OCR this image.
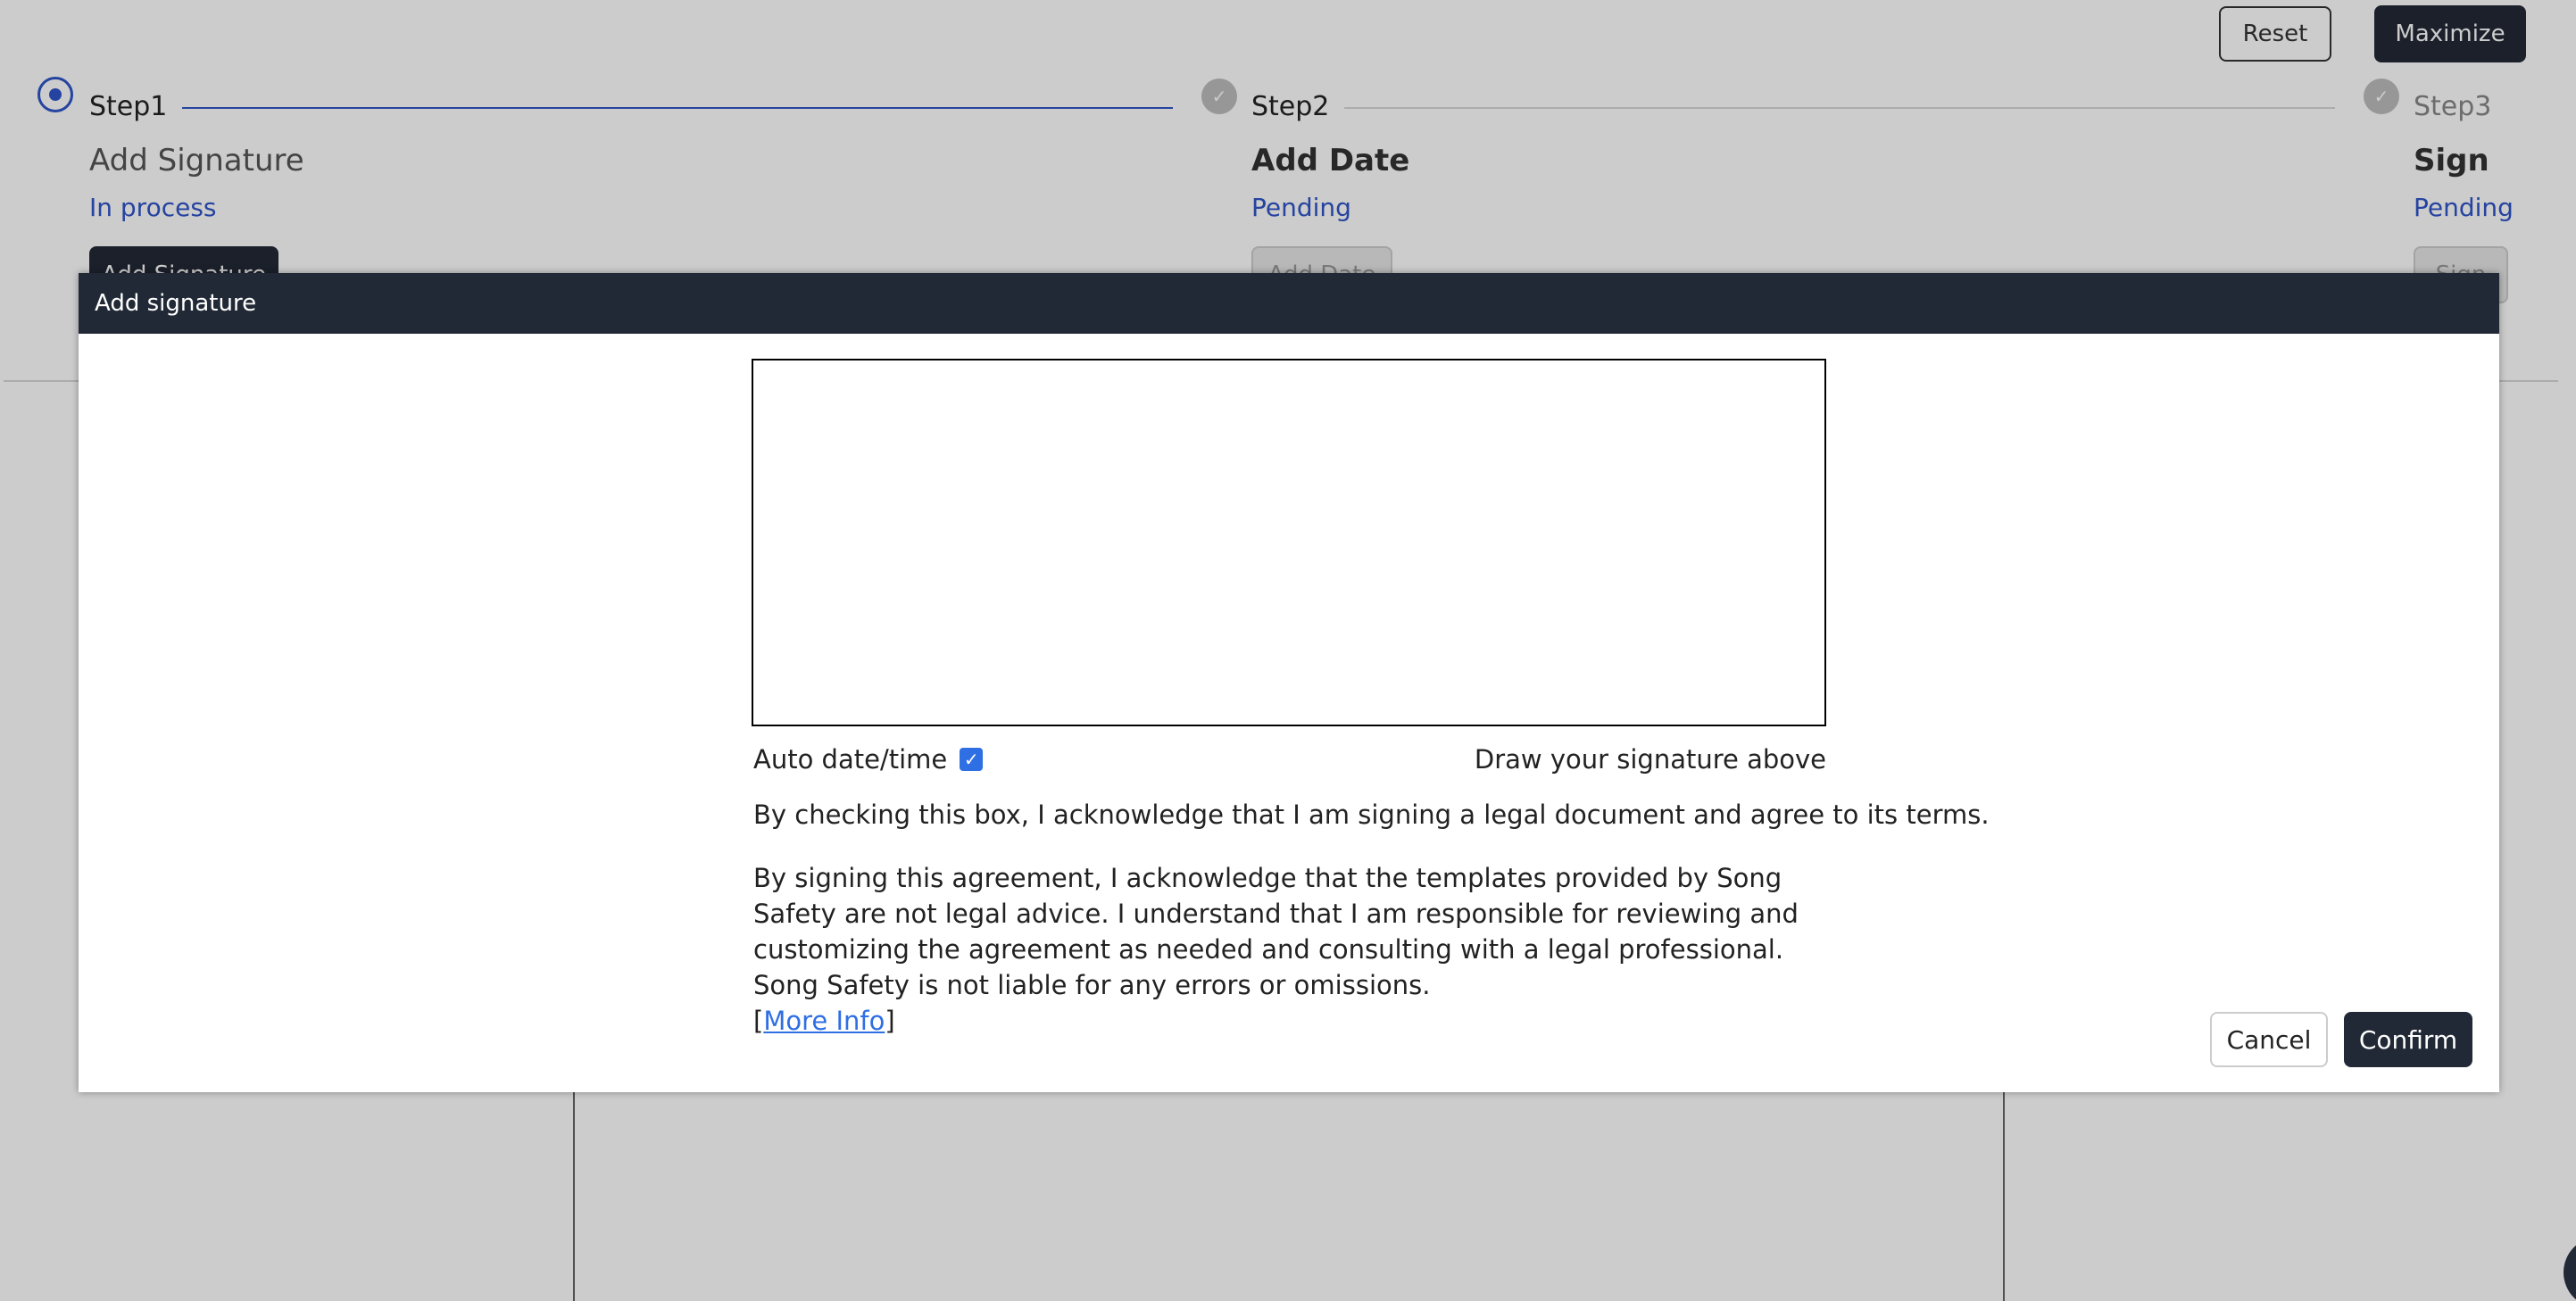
Step1
Add Signature
In process
✓ Step2
Add Date
Pending
✓ Step3
Sign
Pending
Reset	Maximize
Add signature
Auto date/time ✓	Draw your signature above
By checking this box, I acknowledge that I am signing a legal document and agree to its terms.
By signing this agreement, I acknowledge that the templates provided by Song Safety are not legal advice. I understand that I am responsible for reviewing and customizing the agreement as needed and consulting with a legal professional. Song Safety is not liable for any errors or omissions.
[More Info]
Cancel	Confirm
